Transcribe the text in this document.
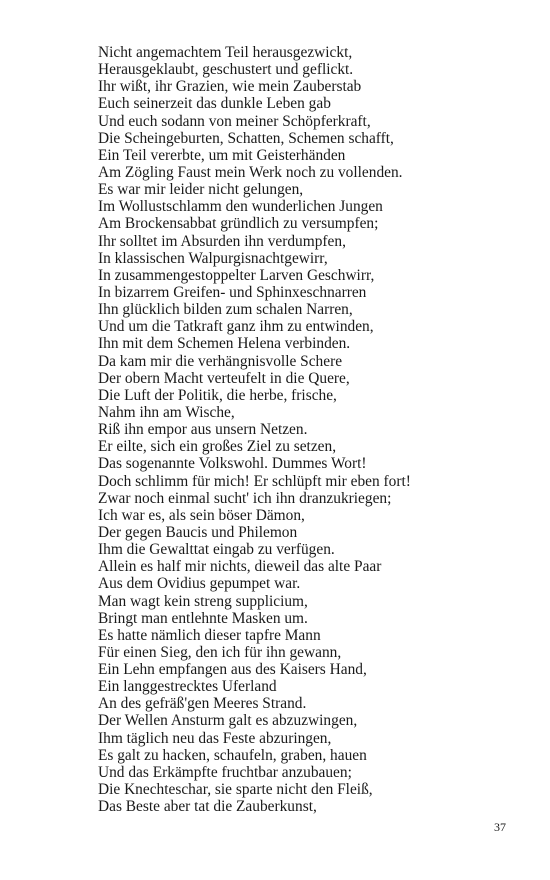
Nicht angemachtem Teil herausgezwickt,
Herausgeklaubt, geschustert und geflickt.
Ihr wißt, ihr Grazien, wie mein Zauberstab
Euch seinerzeit das dunkle Leben gab
Und euch sodann von meiner Schöpferkraft,
Die Scheingeburten, Schatten, Schemen schafft,
Ein Teil vererbte, um mit Geisterhänden
Am Zögling Faust mein Werk noch zu vollenden.
Es war mir leider nicht gelungen,
Im Wollustschlamm den wunderlichen Jungen
Am Brockensabbat gründlich zu versumpfen;
Ihr solltet im Absurden ihn verdumpfen,
In klassischen Walpurgisnachtgewirr,
In zusammengestoppelter Larven Geschwirr,
In bizarrem Greifen- und Sphinxeschnarren
Ihn glücklich bilden zum schalen Narren,
Und um die Tatkraft ganz ihm zu entwinden,
Ihn mit dem Schemen Helena verbinden.
Da kam mir die verhängnisvolle Schere
Der obern Macht verteufelt in die Quere,
Die Luft der Politik, die herbe, frische,
Nahm ihn am Wische,
Riß ihn empor aus unsern Netzen.
Er eilte, sich ein großes Ziel zu setzen,
Das sogenannte Volkswohl. Dummes Wort!
Doch schlimm für mich! Er schlüpft mir eben fort!
Zwar noch einmal sucht' ich ihn dranzukriegen;
Ich war es, als sein böser Dämon,
Der gegen Baucis und Philemon
Ihm die Gewalttat eingab zu verfügen.
Allein es half mir nichts, dieweil das alte Paar
Aus dem Ovidius gepumpet war.
Man wagt kein streng supplicium,
Bringt man entlehnte Masken um.
Es hatte nämlich dieser tapfre Mann
Für einen Sieg, den ich für ihn gewann,
Ein Lehn empfangen aus des Kaisers Hand,
Ein langgestrecktes Uferland
An des gefräß'gen Meeres Strand.
Der Wellen Ansturm galt es abzuzwingen,
Ihm täglich neu das Feste abzuringen,
Es galt zu hacken, schaufeln, graben, hauen
Und das Erkämpfte fruchtbar anzubauen;
Die Knechteschar, sie sparte nicht den Fleiß,
Das Beste aber tat die Zauberkunst,
37
